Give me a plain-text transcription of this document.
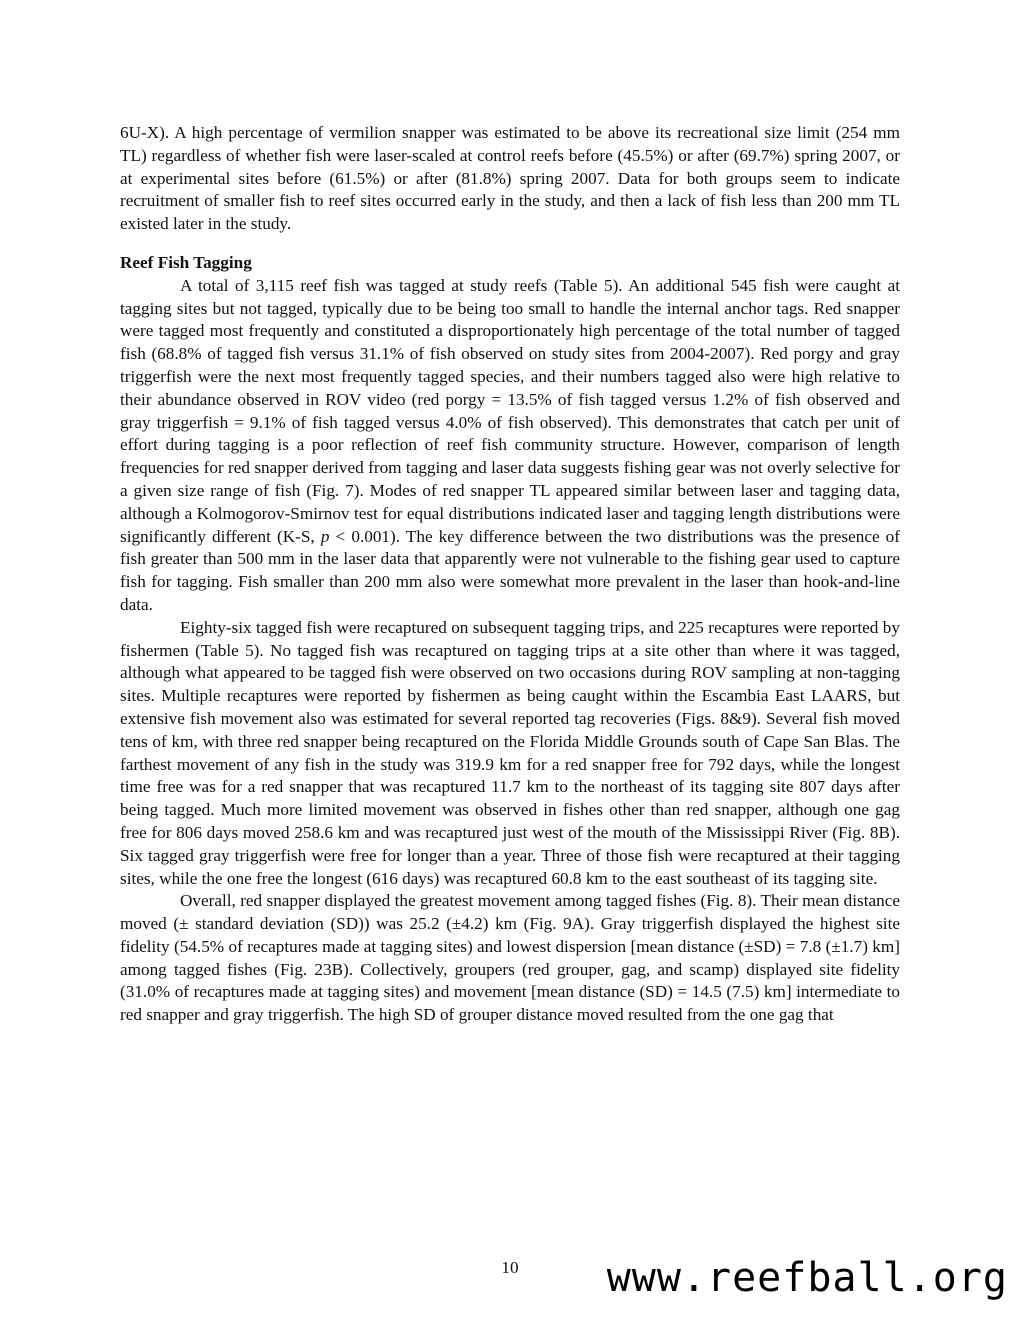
6U-X). A high percentage of vermilion snapper was estimated to be above its recreational size limit (254 mm TL) regardless of whether fish were laser-scaled at control reefs before (45.5%) or after (69.7%) spring 2007, or at experimental sites before (61.5%) or after (81.8%) spring 2007. Data for both groups seem to indicate recruitment of smaller fish to reef sites occurred early in the study, and then a lack of fish less than 200 mm TL existed later in the study.

Reef Fish Tagging

A total of 3,115 reef fish was tagged at study reefs (Table 5). An additional 545 fish were caught at tagging sites but not tagged, typically due to be being too small to handle the internal anchor tags. Red snapper were tagged most frequently and constituted a disproportionately high percentage of the total number of tagged fish (68.8% of tagged fish versus 31.1% of fish observed on study sites from 2004-2007). Red porgy and gray triggerfish were the next most frequently tagged species, and their numbers tagged also were high relative to their abundance observed in ROV video (red porgy = 13.5% of fish tagged versus 1.2% of fish observed and gray triggerfish = 9.1% of fish tagged versus 4.0% of fish observed). This demonstrates that catch per unit of effort during tagging is a poor reflection of reef fish community structure. However, comparison of length frequencies for red snapper derived from tagging and laser data suggests fishing gear was not overly selective for a given size range of fish (Fig. 7). Modes of red snapper TL appeared similar between laser and tagging data, although a Kolmogorov-Smirnov test for equal distributions indicated laser and tagging length distributions were significantly different (K-S, p < 0.001). The key difference between the two distributions was the presence of fish greater than 500 mm in the laser data that apparently were not vulnerable to the fishing gear used to capture fish for tagging. Fish smaller than 200 mm also were somewhat more prevalent in the laser than hook-and-line data.

Eighty-six tagged fish were recaptured on subsequent tagging trips, and 225 recaptures were reported by fishermen (Table 5). No tagged fish was recaptured on tagging trips at a site other than where it was tagged, although what appeared to be tagged fish were observed on two occasions during ROV sampling at non-tagging sites. Multiple recaptures were reported by fishermen as being caught within the Escambia East LAARS, but extensive fish movement also was estimated for several reported tag recoveries (Figs. 8&9). Several fish moved tens of km, with three red snapper being recaptured on the Florida Middle Grounds south of Cape San Blas. The farthest movement of any fish in the study was 319.9 km for a red snapper free for 792 days, while the longest time free was for a red snapper that was recaptured 11.7 km to the northeast of its tagging site 807 days after being tagged. Much more limited movement was observed in fishes other than red snapper, although one gag free for 806 days moved 258.6 km and was recaptured just west of the mouth of the Mississippi River (Fig. 8B). Six tagged gray triggerfish were free for longer than a year. Three of those fish were recaptured at their tagging sites, while the one free the longest (616 days) was recaptured 60.8 km to the east southeast of its tagging site.

Overall, red snapper displayed the greatest movement among tagged fishes (Fig. 8). Their mean distance moved (± standard deviation (SD)) was 25.2 (±4.2) km (Fig. 9A). Gray triggerfish displayed the highest site fidelity (54.5% of recaptures made at tagging sites) and lowest dispersion [mean distance (±SD) = 7.8 (±1.7) km] among tagged fishes (Fig. 23B). Collectively, groupers (red grouper, gag, and scamp) displayed site fidelity (31.0% of recaptures made at tagging sites) and movement [mean distance (SD) = 14.5 (7.5) km] intermediate to red snapper and gray triggerfish. The high SD of grouper distance moved resulted from the one gag that

10 www.reefball.org
